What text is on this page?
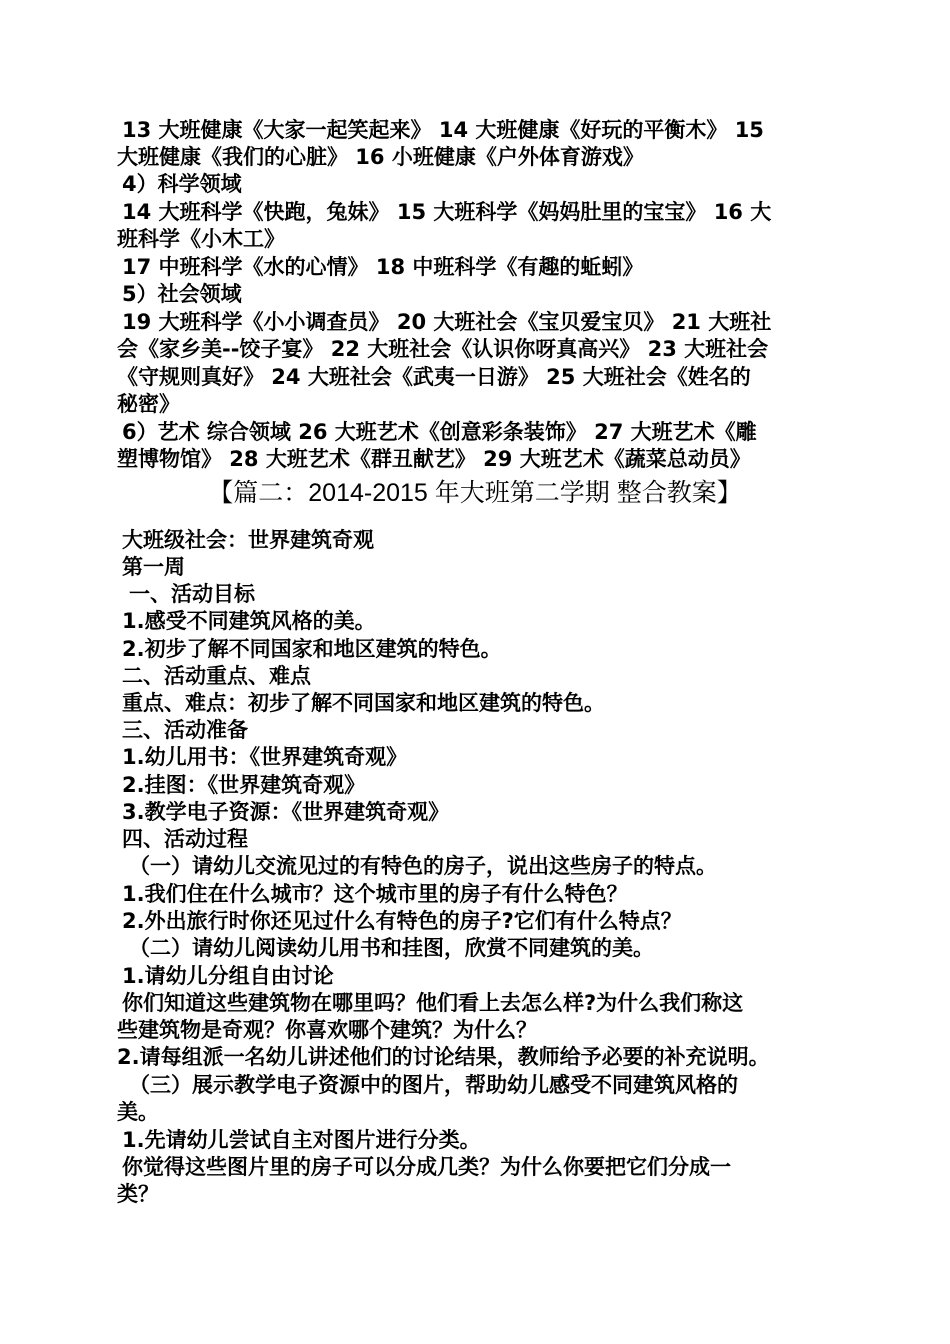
13 大班健康《大家一起笑起来》 14 大班健康《好玩的平衡木》 15
大班健康《我们的心脏》 16 小班健康《户外体育游戏》
4）科学领域
14 大班科学《快跑，兔妹》 15 大班科学《妈妈肚里的宝宝》 16 大
班科学《小木工》
17 中班科学《水的心情》 18 中班科学《有趣的蚯蚓》
5）社会领域
19 大班科学《小小调查员》 20 大班社会《宝贝爱宝贝》 21 大班社
会《家乡美--饺子宴》 22 大班社会《认识你呀真高兴》 23 大班社会
《守规则真好》 24 大班社会《武夷一日游》 25 大班社会《姓名的
秘密》
6）艺术 综合领域 26 大班艺术《创意彩条装饰》 27 大班艺术《雕
塑博物馆》 28 大班艺术《群丑献艺》 29 大班艺术《蔬菜总动员》
【篇二：2014-2015 年大班第二学期 整合教案】
大班级社会：世界建筑奇观
第一周
一、活动目标
1.感受不同建筑风格的美。
2.初步了解不同国家和地区建筑的特色。
二、活动重点、难点
重点、难点：初步了解不同国家和地区建筑的特色。
三、活动准备
1.幼儿用书：《世界建筑奇观》
2.挂图：《世界建筑奇观》
3.教学电子资源：《世界建筑奇观》
四、活动过程
（一）请幼儿交流见过的有特色的房子，说出这些房子的特点。
1.我们住在什么城市？这个城市里的房子有什么特色？
2.外出旅行时你还见过什么有特色的房子?它们有什么特点？
（二）请幼儿阅读幼儿用书和挂图，欣赏不同建筑的美。
1.请幼儿分组自由讨论
你们知道这些建筑物在哪里吗？他们看上去怎么样?为什么我们称这
些建筑物是奇观？你喜欢哪个建筑？为什么？
2.请每组派一名幼儿讲述他们的讨论结果，教师给予必要的补充说明。
（三）展示教学电子资源中的图片，帮助幼儿感受不同建筑风格的
美。
1.先请幼儿尝试自主对图片进行分类。
你觉得这些图片里的房子可以分成几类？为什么你要把它们分成一
类？
